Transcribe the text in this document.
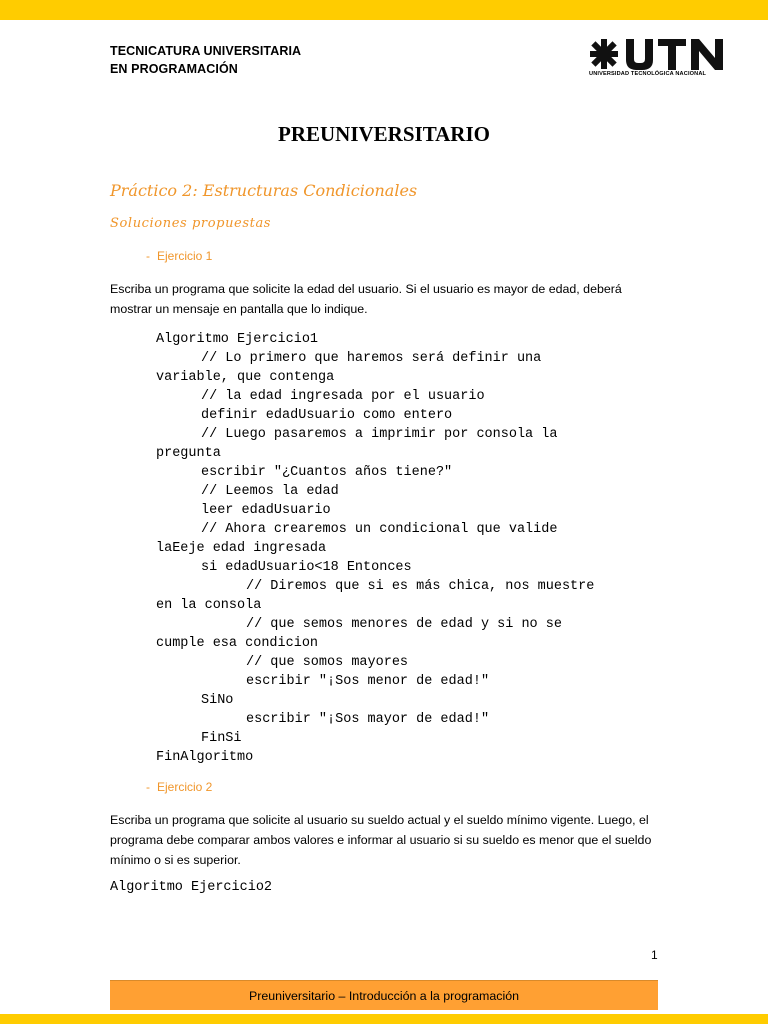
TECNICATURA UNIVERSITARIA
EN PROGRAMACIÓN	UNIVERSIDAD TECNOLÓGICA NACIONAL
PREUNIVERSITARIO
Práctico 2: Estructuras Condicionales
Soluciones propuestas
- Ejercicio 1
Escriba un programa que solicite la edad del usuario. Si el usuario es mayor de edad, deberá mostrar un mensaje en pantalla que lo indique.
Algoritmo Ejercicio1
// Lo primero que haremos será definir una
variable, que contenga
// la edad ingresada por el usuario
definir edadUsuario como entero
// Luego pasaremos a imprimir por consola la
pregunta
escribir "¿Cuantos años tiene?"
// Leemos la edad
leer edadUsuario
// Ahora crearemos un condicional que valide
laEeje edad ingresada
si edadUsuario<18 Entonces
// Diremos que si es más chica, nos muestre
en la consola
// que semos menores de edad y si no se
cumple esa condicion
// que somos mayores
escribir "¡Sos menor de edad!"
SiNo
escribir "¡Sos mayor de edad!"
FinSi
FinAlgoritmo
- Ejercicio 2
Escriba un programa que solicite al usuario su sueldo actual y el sueldo mínimo vigente. Luego, el programa debe comparar ambos valores e informar al usuario si su sueldo es menor que el sueldo mínimo o si es superior.
Algoritmo Ejercicio2
1
Preuniversitario – Introducción a la programación
